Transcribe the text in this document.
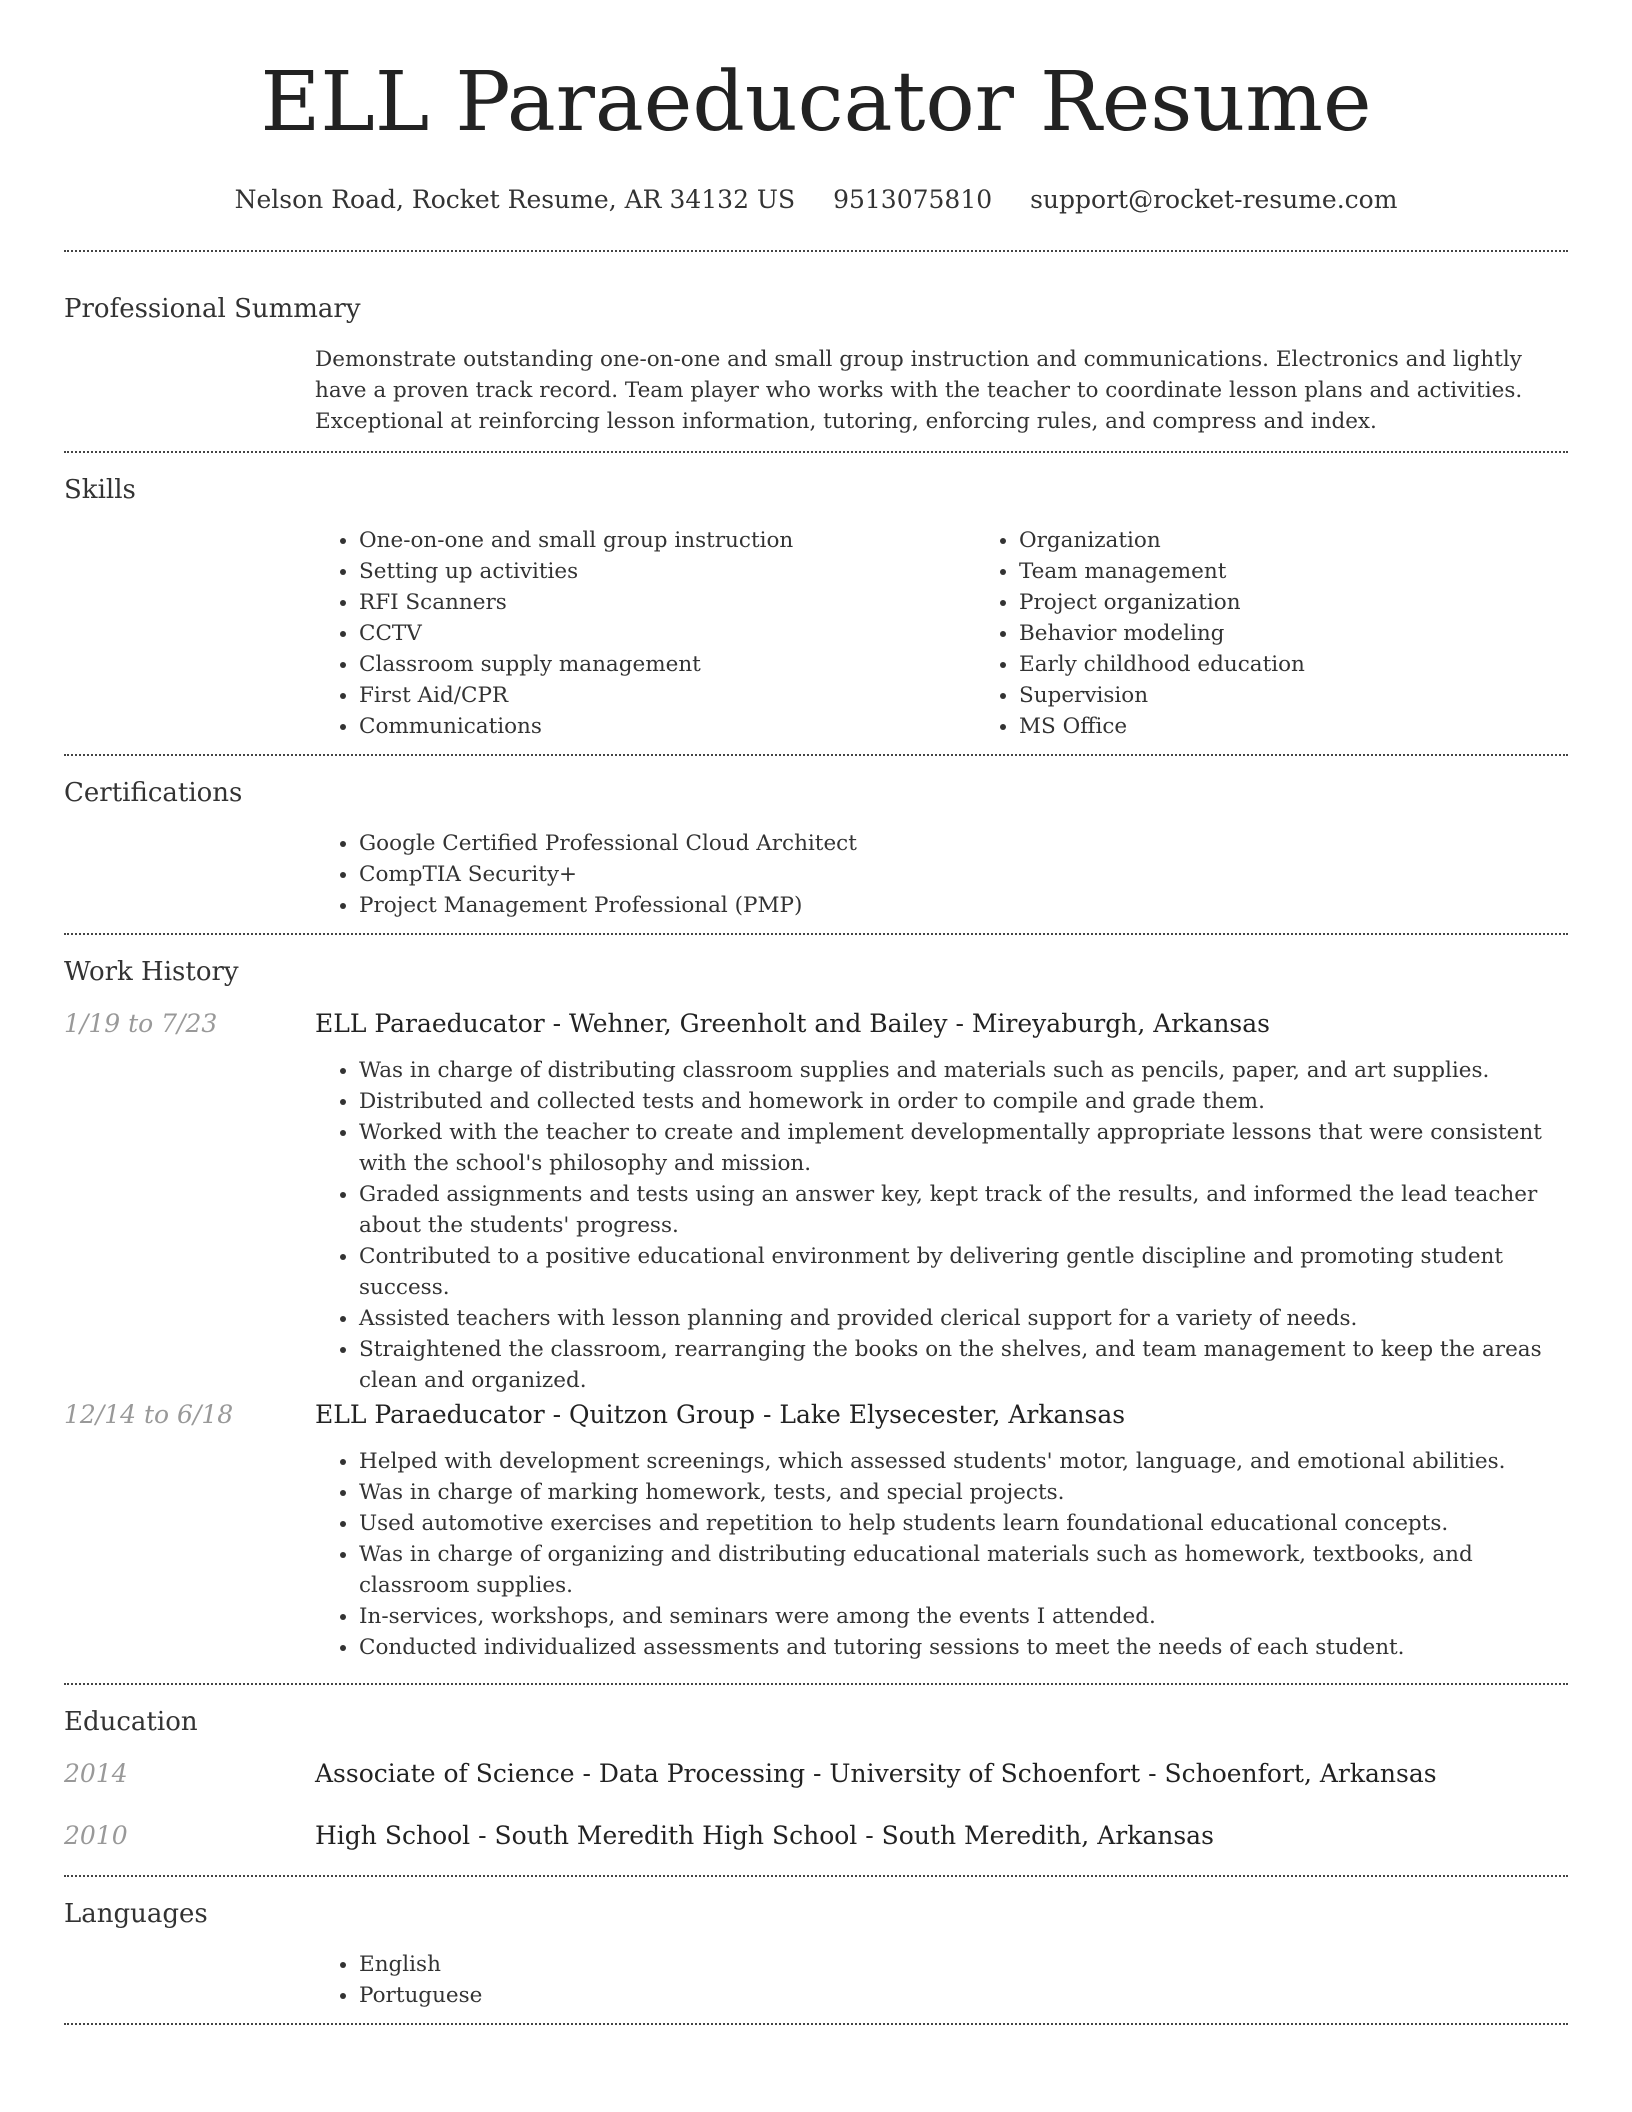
ELL Paraeducator Resume
Nelson Road, Rocket Resume, AR 34132 US 9513075810 support@rocket-resume.com
Professional Summary

Demonstrate outstanding one-on-one and small group instruction and communications. Electronics and lightly have a proven track record. Team player who works with the teacher to coordinate lesson plans and activities. Exceptional at reinforcing lesson information, tutoring, enforcing rules, and compress and index.

Skills
• One-on-one and small group instruction
• Setting up activities
• RFI Scanners
• CCTV
• Classroom supply management
• First Aid/CPR
• Communications
• Organization
• Team management
• Project organization
• Behavior modeling
• Early childhood education
• Supervision
• MS Office
Certifications
• Google Certified Professional Cloud Architect
• CompTIA Security+
• Project Management Professional (PMP)
Work History
1/19 to 7/23	ELL Paraeducator - Wehner, Greenholt and Bailey - Mireyaburgh, Arkansas
• Was in charge of distributing classroom supplies and materials such as pencils, paper, and art supplies.
• Distributed and collected tests and homework in order to compile and grade them.
• Worked with the teacher to create and implement developmentally appropriate lessons that were consistent with the school's philosophy and mission.
• Graded assignments and tests using an answer key, kept track of the results, and informed the lead teacher about the students' progress.
• Contributed to a positive educational environment by delivering gentle discipline and promoting student success.
• Assisted teachers with lesson planning and provided clerical support for a variety of needs.
• Straightened the classroom, rearranging the books on the shelves, and team management to keep the areas clean and organized.
12/14 to 6/18	ELL Paraeducator - Quitzon Group - Lake Elysecester, Arkansas
• Helped with development screenings, which assessed students' motor, language, and emotional abilities.
• Was in charge of marking homework, tests, and special projects.
• Used automotive exercises and repetition to help students learn foundational educational concepts.
• Was in charge of organizing and distributing educational materials such as homework, textbooks, and classroom supplies.
• In-services, workshops, and seminars were among the events I attended.
• Conducted individualized assessments and tutoring sessions to meet the needs of each student.
Education
2014	Associate of Science - Data Processing - University of Schoenfort - Schoenfort, Arkansas
2010	High School - South Meredith High School - South Meredith, Arkansas
Languages
• English
• Portuguese
